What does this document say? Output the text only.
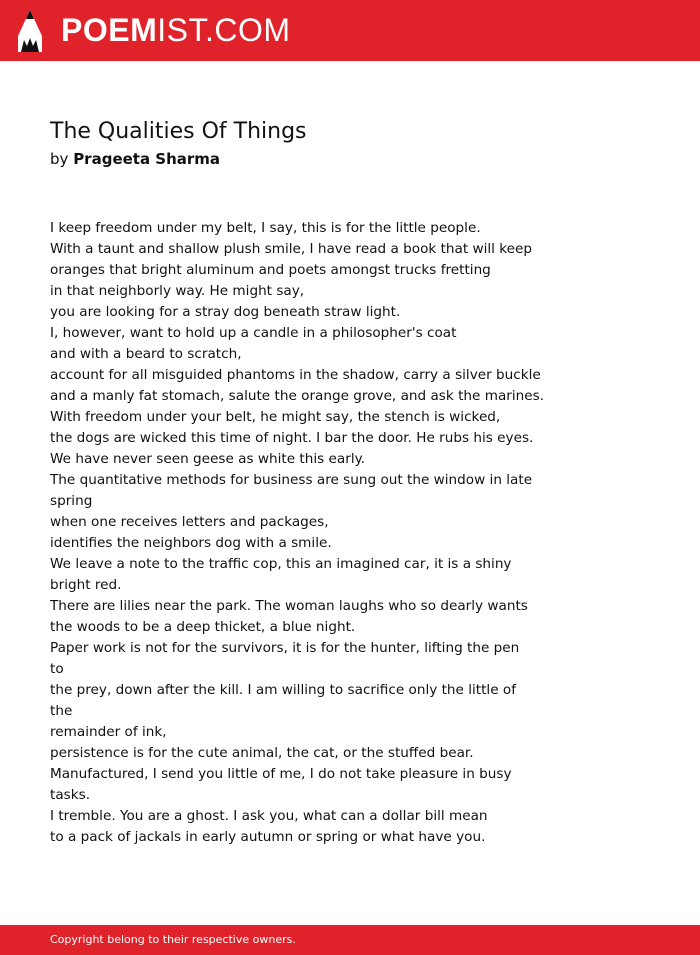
POEMIST.COM
The Qualities Of Things

by Prageeta Sharma

I keep freedom under my belt, I say, this is for the little people.
With a taunt and shallow plush smile, I have read a book that will keep
oranges that bright aluminum and poets amongst trucks fretting
in that neighborly way. He might say,
you are looking for a stray dog beneath straw light.
I, however, want to hold up a candle in a philosopher's coat
and with a beard to scratch,
account for all misguided phantoms in the shadow, carry a silver buckle
and a manly fat stomach, salute the orange grove, and ask the marines.
With freedom under your belt, he might say, the stench is wicked,
the dogs are wicked this time of night. I bar the door. He rubs his eyes.
We have never seen geese as white this early.
The quantitative methods for business are sung out the window in late
spring
when one receives letters and packages,
identifies the neighbors dog with a smile.
We leave a note to the traffic cop, this an imagined car, it is a shiny
bright red.
There are lilies near the park. The woman laughs who so dearly wants
the woods to be a deep thicket, a blue night.
Paper work is not for the survivors, it is for the hunter, lifting the pen
to
the prey, down after the kill. I am willing to sacrifice only the little of
the
remainder of ink,
persistence is for the cute animal, the cat, or the stuffed bear.
Manufactured, I send you little of me, I do not take pleasure in busy
tasks.
I tremble. You are a ghost. I ask you, what can a dollar bill mean
to a pack of jackals in early autumn or spring or what have you.
Copyright belong to their respective owners.
